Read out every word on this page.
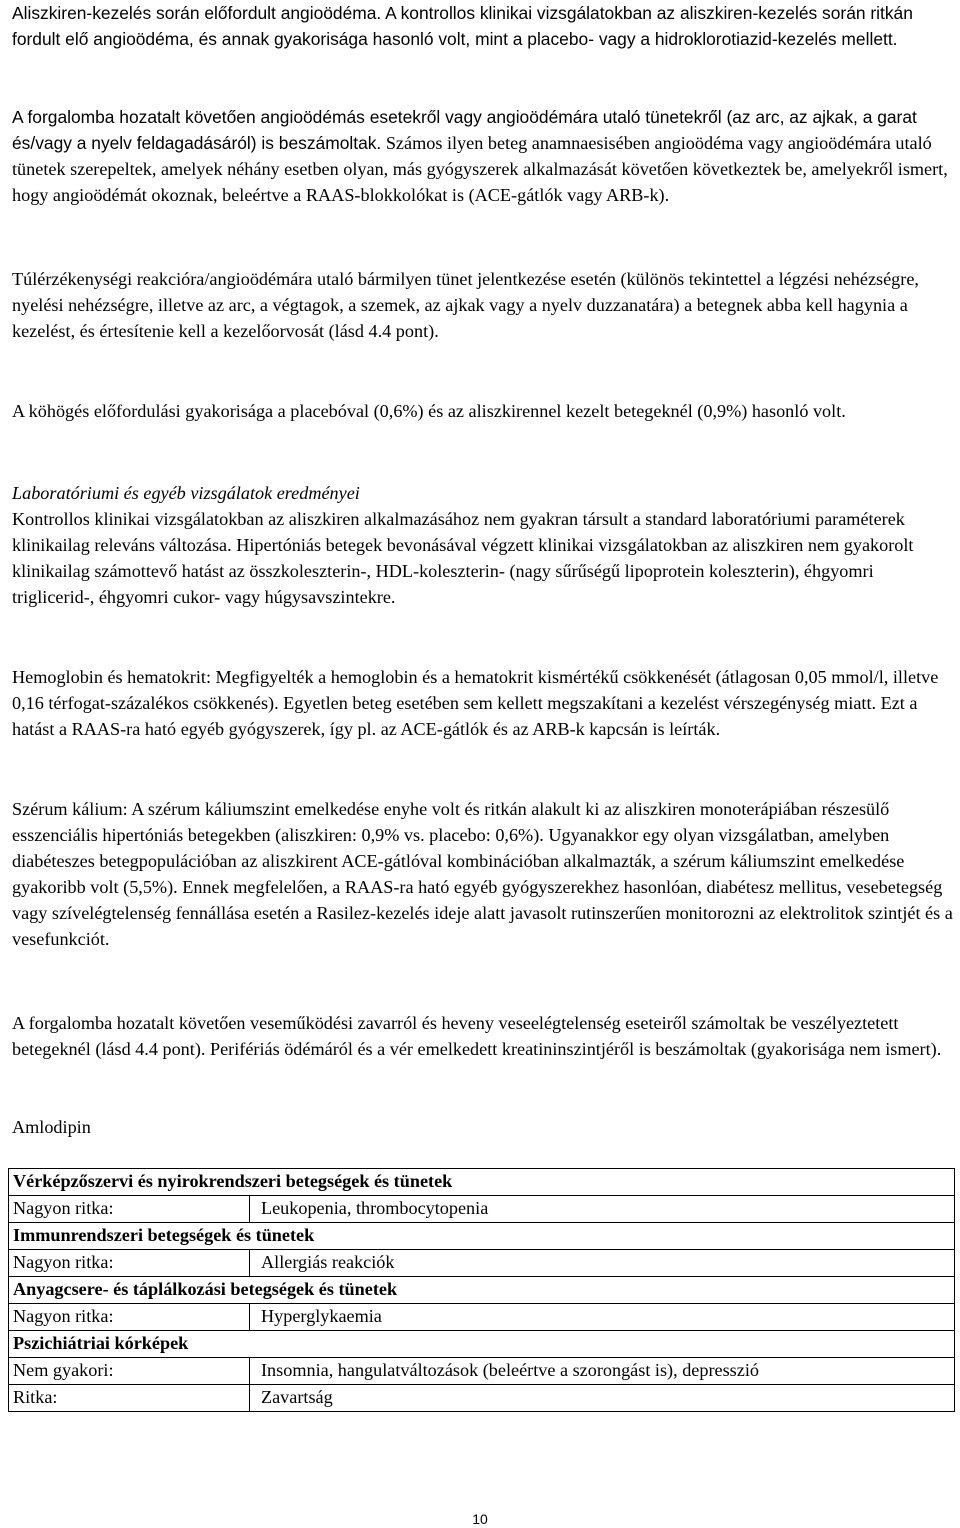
Aliszkiren-kezelés során előfordult angioödéma. A kontrollos klinikai vizsgálatokban az aliszkiren-kezelés során ritkán fordult elő angioödéma, és annak gyakorisága hasonló volt, mint a placebo- vagy a hidroklorotiazid-kezelés mellett.

A forgalomba hozatalt követően angioödémás esetekről vagy angioödémára utaló tünetekről (az arc, az ajkak, a garat és/vagy a nyelv feldagadásáról) is beszámoltak. Számos ilyen beteg anamnaesisében angioödéma vagy angioödémára utaló tünetek szerepeltek, amelyek néhány esetben olyan, más gyógyszerek alkalmazását követően következtek be, amelyekről ismert, hogy angioödémát okoznak, beleértve a RAAS-blokkolókat is (ACE-gátlók vagy ARB-k).

Túlérzékenységi reakcióra/angioödémára utaló bármilyen tünet jelentkezése esetén (különös tekintettel a légzési nehézségre, nyelési nehézségre, illetve az arc, a végtagok, a szemek, az ajkak vagy a nyelv duzzanatára) a betegnek abba kell hagynia a kezelést, és értesítenie kell a kezelőorvosát (lásd 4.4 pont).

A köhögés előfordulási gyakorisága a placebóval (0,6%) és az aliszkirennel kezelt betegeknél (0,9%) hasonló volt.

Laboratóriumi és egyéb vizsgálatok eredményei

Kontrollos klinikai vizsgálatokban az aliszkiren alkalmazásához nem gyakran társult a standard laboratóriumi paraméterek klinikailag releváns változása. Hipertóniás betegek bevonásával végzett klinikai vizsgálatokban az aliszkiren nem gyakorolt klinikailag számottevő hatást az összkoleszterin-, HDL-koleszterin- (nagy sűrűségű lipoprotein koleszterin), éhgyomri triglicerid-, éhgyomri cukor- vagy húgysavszintekre.

Hemoglobin és hematokrit: Megfigyelték a hemoglobin és a hematokrit kismértékű csökkenését (átlagosan 0,05 mmol/l, illetve 0,16 térfogat-százalékos csökkenés). Egyetlen beteg esetében sem kellett megszakítani a kezelést vérszegénység miatt. Ezt a hatást a RAAS-ra ható egyéb gyógyszerek, így pl. az ACE-gátlók és az ARB-k kapcsán is leírták.

Szérum kálium: A szérum káliumszint emelkedése enyhe volt és ritkán alakult ki az aliszkiren monoterápiában részesülő esszenciális hipertóniás betegekben (aliszkiren: 0,9% vs. placebo: 0,6%). Ugyanakkor egy olyan vizsgálatban, amelyben diabéteszes betegpopulációban az aliszkirent ACE-gátlóval kombinációban alkalmazták, a szérum káliumszint emelkedése gyakoribb volt (5,5%). Ennek megfelelően, a RAAS-ra ható egyéb gyógyszerekhez hasonlóan, diabétesz mellitus, vesebetegség vagy szívelégtelenség fennállása esetén a Rasilez-kezelés ideje alatt javasolt rutinszerűen monitorozni az elektrolitok szintjét és a vesefunkciót.

A forgalomba hozatalt követően veseműködési zavarról és heveny veseelégtelenség eseteiről számoltak be veszélyeztetett betegeknél (lásd 4.4 pont). Perifériás ödémáról és a vér emelkedett kreatininszintjéről is beszámoltak (gyakorisága nem ismert).

Amlodipin

Vérképzőszervi és nyirokrendszeri betegségek és tünetek	
Nagyon ritka:	Leukopenia, thrombocytopenia
Immunrendszeri betegségek és tünetek	
Nagyon ritka:	Allergiás reakciók
Anyagcsere- és táplálkozási betegségek és tünetek	
Nagyon ritka:	Hyperglykaemia
Pszichiátriai kórképek	
Nem gyakori:	Insomnia, hangulatváltozások (beleértve a szorongást is), depresszió
Ritka:	Zavartság
10
